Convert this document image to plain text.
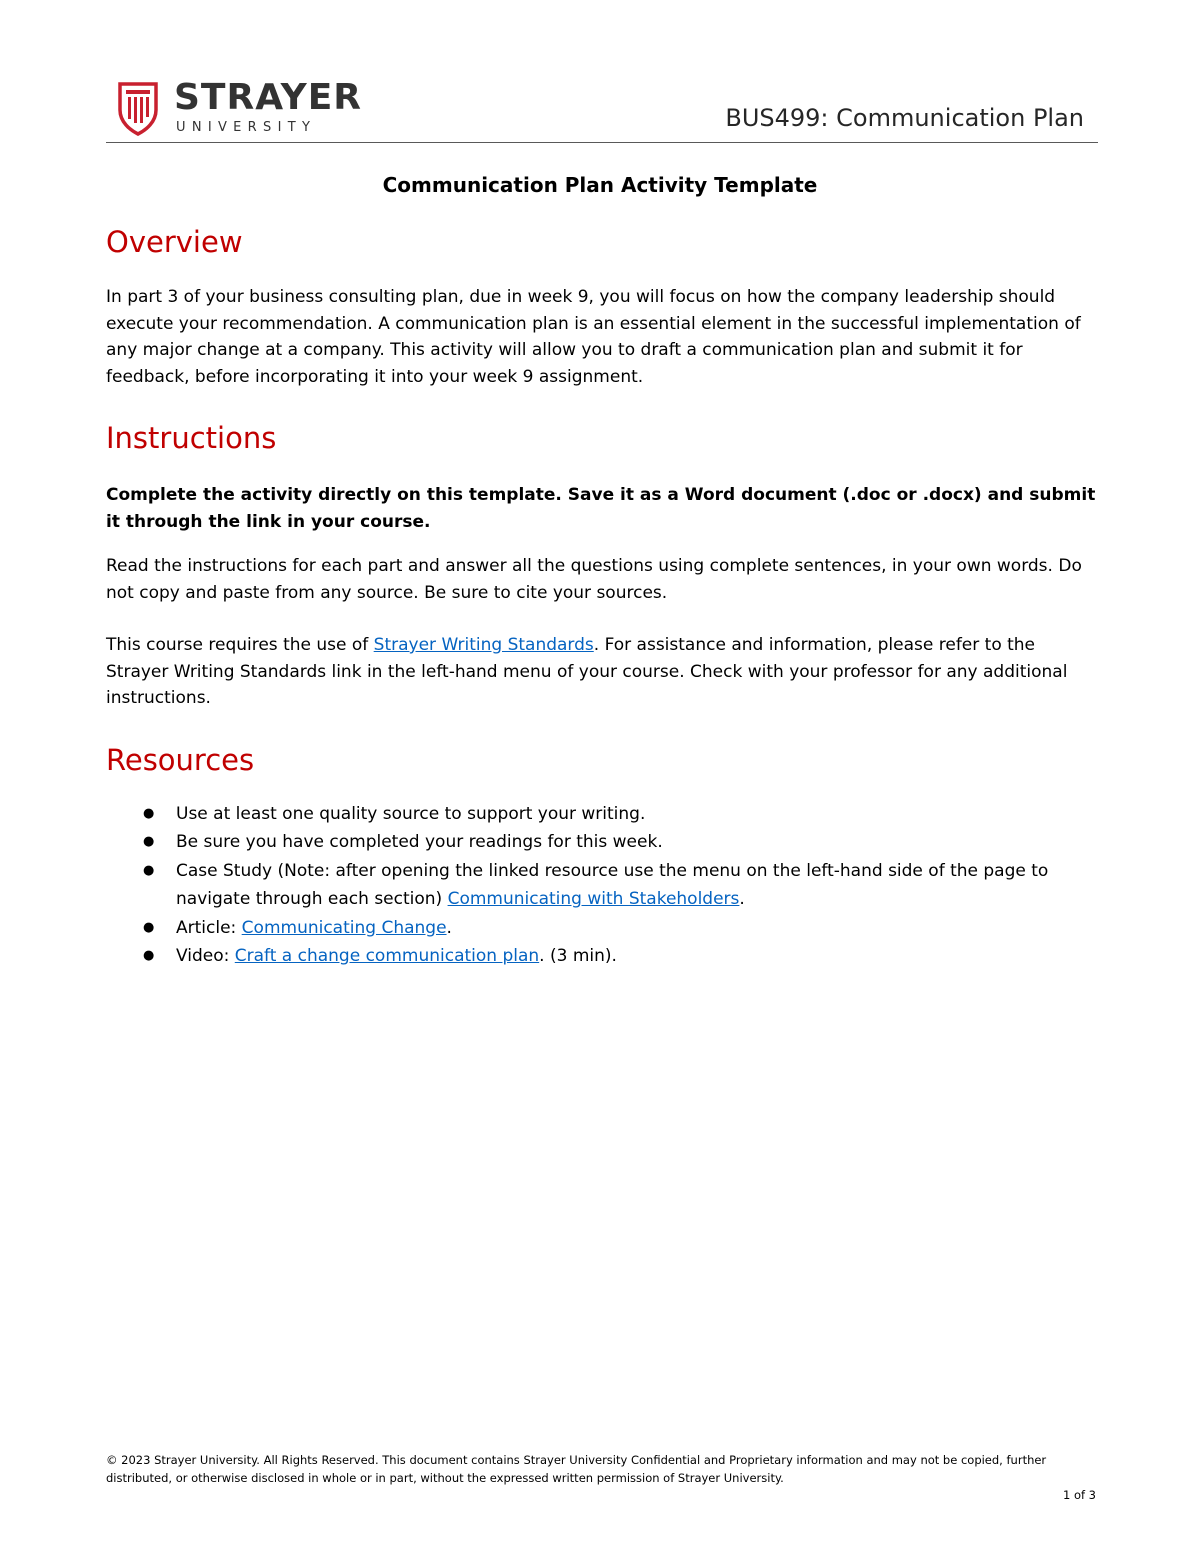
STRAYER
UNIVERSITY	BUS499: Communication Plan
Communication Plan Activity Template
Overview

In part 3 of your business consulting plan, due in week 9, you will focus on how the company leadership should execute your recommendation. A communication plan is an essential element in the successful implementation of any major change at a company. This activity will allow you to draft a communication plan and submit it for feedback, before incorporating it into your week 9 assignment.

Instructions

Complete the activity directly on this template. Save it as a Word document (.doc or .docx) and submit it through the link in your course.

Read the instructions for each part and answer all the questions using complete sentences, in your own words. Do not copy and paste from any source. Be sure to cite your sources.

This course requires the use of Strayer Writing Standards. For assistance and information, please refer to the Strayer Writing Standards link in the left-hand menu of your course. Check with your professor for any additional instructions.

Resources
● Use at least one quality source to support your writing.
● Be sure you have completed your readings for this week.
● Case Study (Note: after opening the linked resource use the menu on the left-hand side of the page to navigate through each section) Communicating with Stakeholders.
● Article: Communicating Change.
● Video: Craft a change communication plan. (3 min).
© 2023 Strayer University. All Rights Reserved. This document contains Strayer University Confidential and Proprietary information and may not be copied, further distributed, or otherwise disclosed in whole or in part, without the expressed written permission of Strayer University.
1 of 3
